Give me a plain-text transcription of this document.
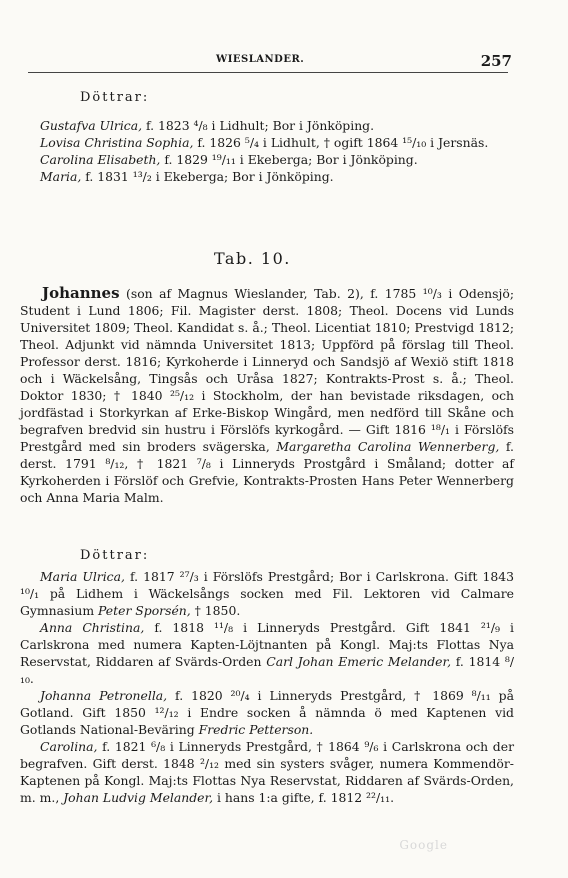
WIESLANDER.	257
Döttrar:

Gustafva Ulrica, f. 1823 ⁴/₈ i Lidhult; Bor i Jönköping.

Lovisa Christina Sophia, f. 1826 ⁵/₄ i Lidhult, † ogift 1864 ¹⁵/₁₀ i Jersnäs.

Carolina Elisabeth, f. 1829 ¹⁹/₁₁ i Ekeberga; Bor i Jönköping.

Maria, f. 1831 ¹³/₂ i Ekeberga; Bor i Jönköping.

Tab. 10.

Johannes (son af Magnus Wieslander, Tab. 2), f. 1785 ¹⁰/₃ i Odensjö; Student i Lund 1806; Fil. Magister derst. 1808; Theol. Docens vid Lunds Universitet 1809; Theol. Kandidat s. å.; Theol. Licentiat 1810; Prestvigd 1812; Theol. Adjunkt vid nämnda Universitet 1813; Uppförd på förslag till Theol. Professor derst. 1816; Kyrkoherde i Linneryd och Sandsjö af Wexiö stift 1818 och i Wäckelsång, Tingsås och Uråsa 1827; Kontrakts-Prost s. å.; Theol. Doktor 1830; † 1840 ²⁵/₁₂ i Stockholm, der han bevistade riksdagen, och jordfästad i Storkyrkan af Erke-Biskop Wingård, men nedförd till Skåne och begrafven bredvid sin hustru i Förslöfs kyrkogård. — Gift 1816 ¹⁸/₁ i Förslöfs Prestgård med sin broders svägerska, Margaretha Carolina Wennerberg, f. derst. 1791 ⁸/₁₂, † 1821 ⁷/₈ i Linneryds Prostgård i Småland; dotter af Kyrkoherden i Förslöf och Grefvie, Kontrakts-Prosten Hans Peter Wennerberg och Anna Maria Malm.

Döttrar:

Maria Ulrica, f. 1817 ²⁷/₃ i Förslöfs Prestgård; Bor i Carlskrona. Gift 1843 ¹⁰/₁ på Lidhem i Wäckelsångs socken med Fil. Lektoren vid Calmare Gymnasium Peter Sporsén, † 1850.

Anna Christina, f. 1818 ¹¹/₈ i Linneryds Prestgård. Gift 1841 ²¹/₉ i Carlskrona med numera Kapten-Löjtnanten på Kongl. Maj:ts Flottas Nya Reservstat, Riddaren af Svärds-Orden Carl Johan Emeric Melander, f. 1814 ⁸/₁₀.

Johanna Petronella, f. 1820 ²⁰/₄ i Linneryds Prestgård, † 1869 ⁸/₁₁ på Gotland. Gift 1850 ¹²/₁₂ i Endre socken å nämnda ö med Kaptenen vid Gotlands National-Beväring Fredric Petterson.

Carolina, f. 1821 ⁶/₈ i Linneryds Prestgård, † 1864 ⁹/₆ i Carlskrona och der begrafven. Gift derst. 1848 ²/₁₂ med sin systers svåger, numera Kommendör-Kaptenen på Kongl. Maj:ts Flottas Nya Reservstat, Riddaren af Svärds-Orden, m. m., Johan Ludvig Melander, i hans 1:a gifte, f. 1812 ²²/₁₁.

Google
